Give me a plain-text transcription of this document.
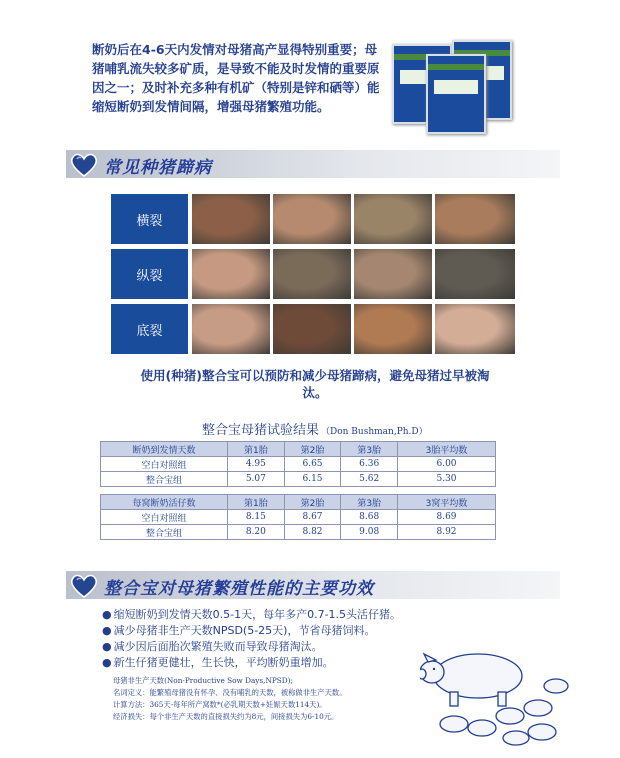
断奶后在4-6天内发情对母猪高产显得特别重要；母猪哺乳流失较多矿质，是导致不能及时发情的重要原因之一；及时补充多种有机矿（特别是锌和硒等）能缩短断奶到发情间隔，增强母猪繁殖功能。
常见种猪蹄病
横裂
纵裂
底裂
使用(种猪)整合宝可以预防和减少母猪蹄病，避免母猪过早被淘汰。
整合宝母猪试验结果 （Don Bushman,Ph.D）
断奶到发情天数	第1胎	第2胎	第3胎	3胎平均数
空白对照组	4.95	6.65	6.36	6.00
整合宝组	5.07	6.15	5.62	5.30
每窝断奶活仔数	第1胎	第2胎	第3胎	3窝平均数
空白对照组	8.15	8.67	8.68	8.69
整合宝组	8.20	8.82	9.08	8.92
整合宝对母猪繁殖性能的主要功效
● 缩短断奶到发情天数0.5-1天，每年多产0.7-1.5头活仔猪。
● 减少母猪非生产天数NPSD(5-25天)，节省母猪饲料。
● 减少因后面胎次繁殖失败而导致母猪淘汰。
● 新生仔猪更健壮，生长快，平均断奶重增加。
母猪非生产天数(Non-Productive Sow Days,NPSD);
名词定义：能繁殖母猪没有怀孕、没有哺乳的天数，被称做非生产天数。
计算方法：365天-每年所产窝数*(必乳期天数+妊娠天数114天)。
经济损失：每个非生产天数的直接损失约为8元，间接损失为6-10元。
